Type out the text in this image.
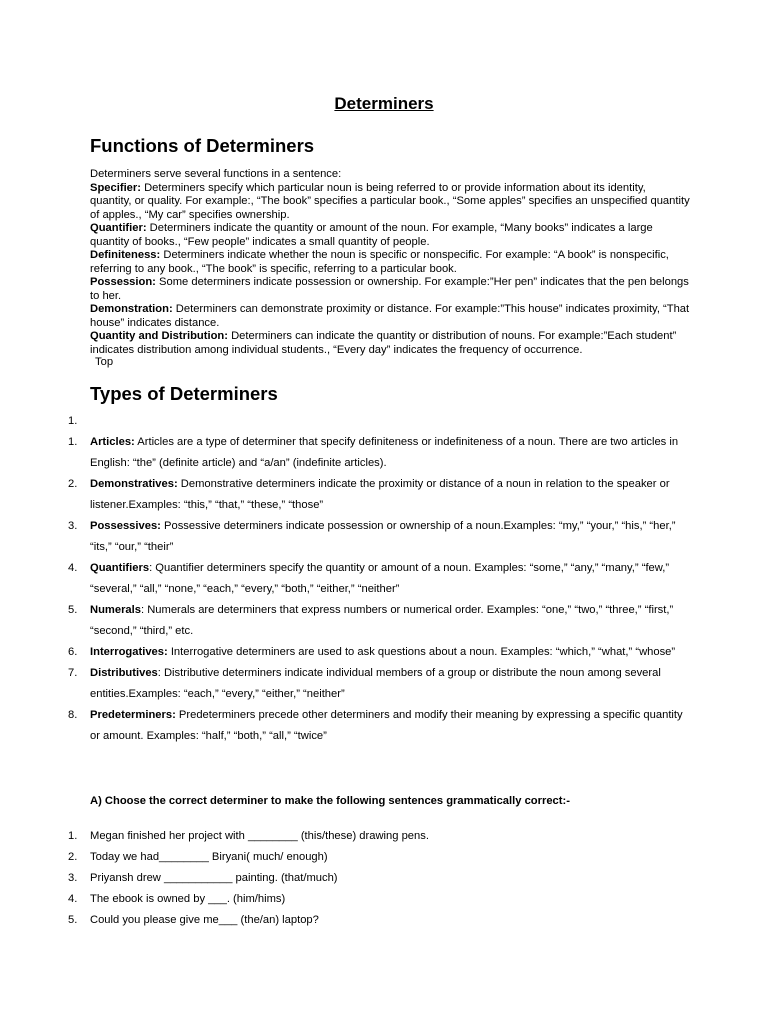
Determiners
Functions of Determiners

Determiners serve several functions in a sentence:

Specifier: Determiners specify which particular noun is being referred to or provide information about its identity, quantity, or quality. For example:, “The book” specifies a particular book., “Some apples” specifies an unspecified quantity of apples., “My car” specifies ownership.

Quantifier: Determiners indicate the quantity or amount of the noun. For example, “Many books” indicates a large quantity of books., “Few people” indicates a small quantity of people.

Definiteness: Determiners indicate whether the noun is specific or nonspecific. For example: “A book” is nonspecific, referring to any book., “The book” is specific, referring to a particular book.

Possession: Some determiners indicate possession or ownership. For example:”Her pen” indicates that the pen belongs to her.

Demonstration: Determiners can demonstrate proximity or distance. For example:”This house” indicates proximity, “That house” indicates distance.

Quantity and Distribution: Determiners can indicate the quantity or distribution of nouns. For example:”Each student” indicates distribution among individual students., “Every day” indicates the frequency of occurrence.

Top
Types of Determiners
1.

1. Articles: Articles are a type of determiner that specify definiteness or indefiniteness of a noun. There are two articles in English: “the” (definite article) and “a/an” (indefinite articles).
2. Demonstratives: Demonstrative determiners indicate the proximity or distance of a noun in relation to the speaker or listener.Examples: “this,” “that,” “these,” “those”
3. Possessives: Possessive determiners indicate possession or ownership of a noun.Examples: “my,” “your,” “his,” “her,” “its,” “our,” “their”
4. Quantifiers: Quantifier determiners specify the quantity or amount of a noun. Examples: “some,” “any,” “many,” “few,” “several,” “all,” “none,” “each,” “every,” “both,” “either,” “neither”
5. Numerals: Numerals are determiners that express numbers or numerical order. Examples: “one,” “two,” “three,” “first,” “second,” “third,” etc.
6. Interrogatives: Interrogative determiners are used to ask questions about a noun. Examples: “which,” “what,” “whose”
7. Distributives: Distributive determiners indicate individual members of a group or distribute the noun among several entities.Examples: “each,” “every,” “either,” “neither”
8. Predeterminers: Predeterminers precede other determiners and modify their meaning by expressing a specific quantity or amount. Examples: “half,” “both,” “all,” “twice”

A) Choose the correct determiner to make the following sentences grammatically correct:-

1. Megan finished her project with ________ (this/these) drawing pens.
2. Today we had________ Biryani( much/ enough)
3. Priyansh drew ___________ painting. (that/much)
4. The ebook is owned by ___. (him/hims)
5. Could you please give me___ (the/an) laptop?
